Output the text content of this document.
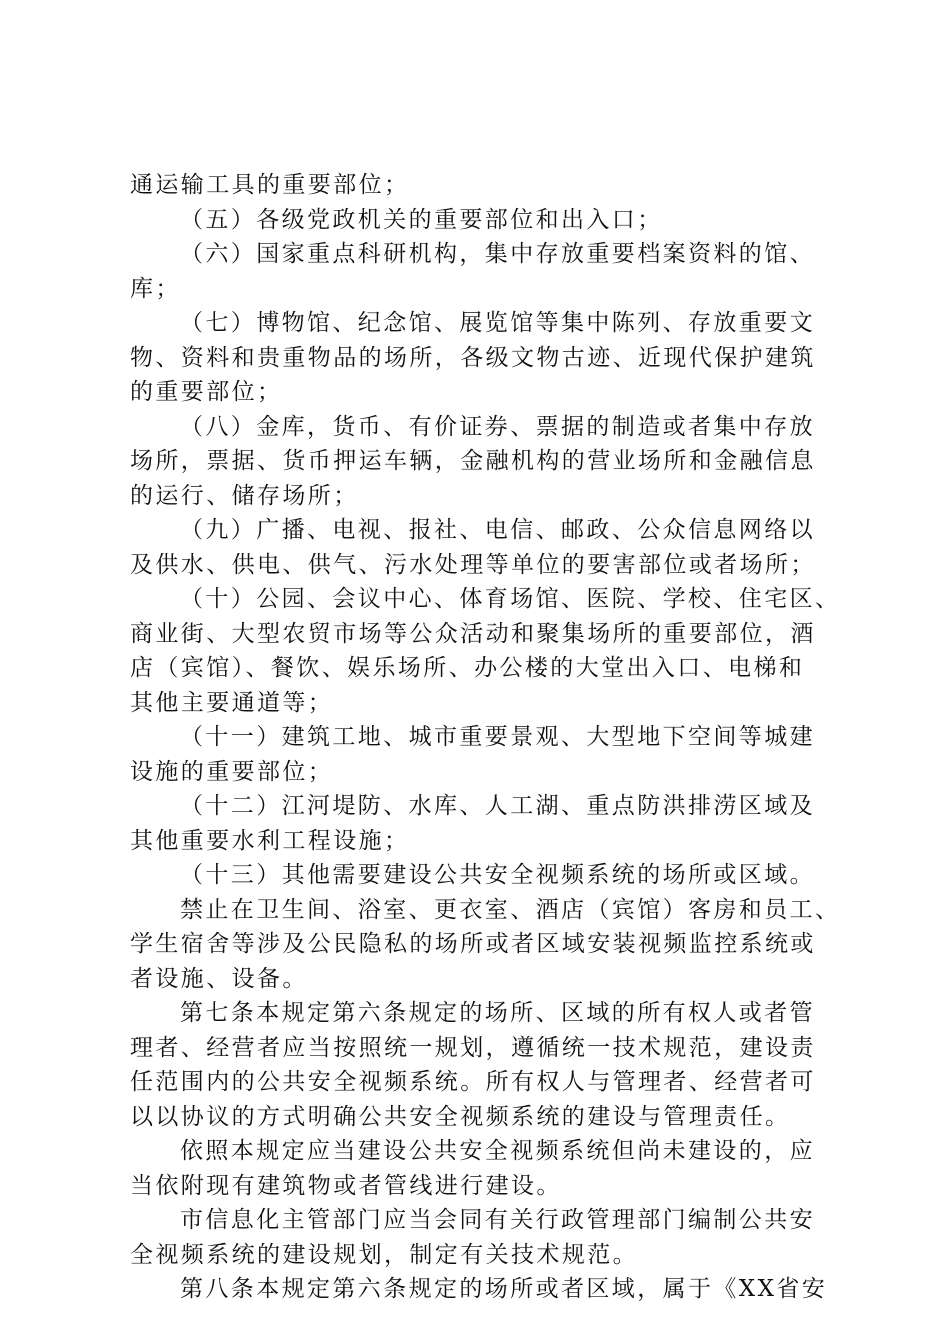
通运输工具的重要部位；
（五）各级党政机关的重要部位和出入口；
（六）国家重点科研机构，集中存放重要档案资料的馆、
库；
（七）博物馆、纪念馆、展览馆等集中陈列、存放重要文
物、资料和贵重物品的场所，各级文物古迹、近现代保护建筑
的重要部位；
（八）金库，货币、有价证券、票据的制造或者集中存放
场所，票据、货币押运车辆，金融机构的营业场所和金融信息
的运行、储存场所；
（九）广播、电视、报社、电信、邮政、公众信息网络以
及供水、供电、供气、污水处理等单位的要害部位或者场所；
（十）公园、会议中心、体育场馆、医院、学校、住宅区、
商业街、大型农贸市场等公众活动和聚集场所的重要部位，酒
店（宾馆）、餐饮、娱乐场所、办公楼的大堂出入口、电梯和
其他主要通道等；
（十一）建筑工地、城市重要景观、大型地下空间等城建
设施的重要部位；
（十二）江河堤防、水库、人工湖、重点防洪排涝区域及
其他重要水利工程设施；
（十三）其他需要建设公共安全视频系统的场所或区域。
禁止在卫生间、浴室、更衣室、酒店（宾馆）客房和员工、
学生宿舍等涉及公民隐私的场所或者区域安装视频监控系统或
者设施、设备。
第七条本规定第六条规定的场所、区域的所有权人或者管
理者、经营者应当按照统一规划，遵循统一技术规范，建设责
任范围内的公共安全视频系统。所有权人与管理者、经营者可
以以协议的方式明确公共安全视频系统的建设与管理责任。
依照本规定应当建设公共安全视频系统但尚未建设的，应
当依附现有建筑物或者管线进行建设。
市信息化主管部门应当会同有关行政管理部门编制公共安
全视频系统的建设规划，制定有关技术规范。
第八条本规定第六条规定的场所或者区域，属于《XX省安
